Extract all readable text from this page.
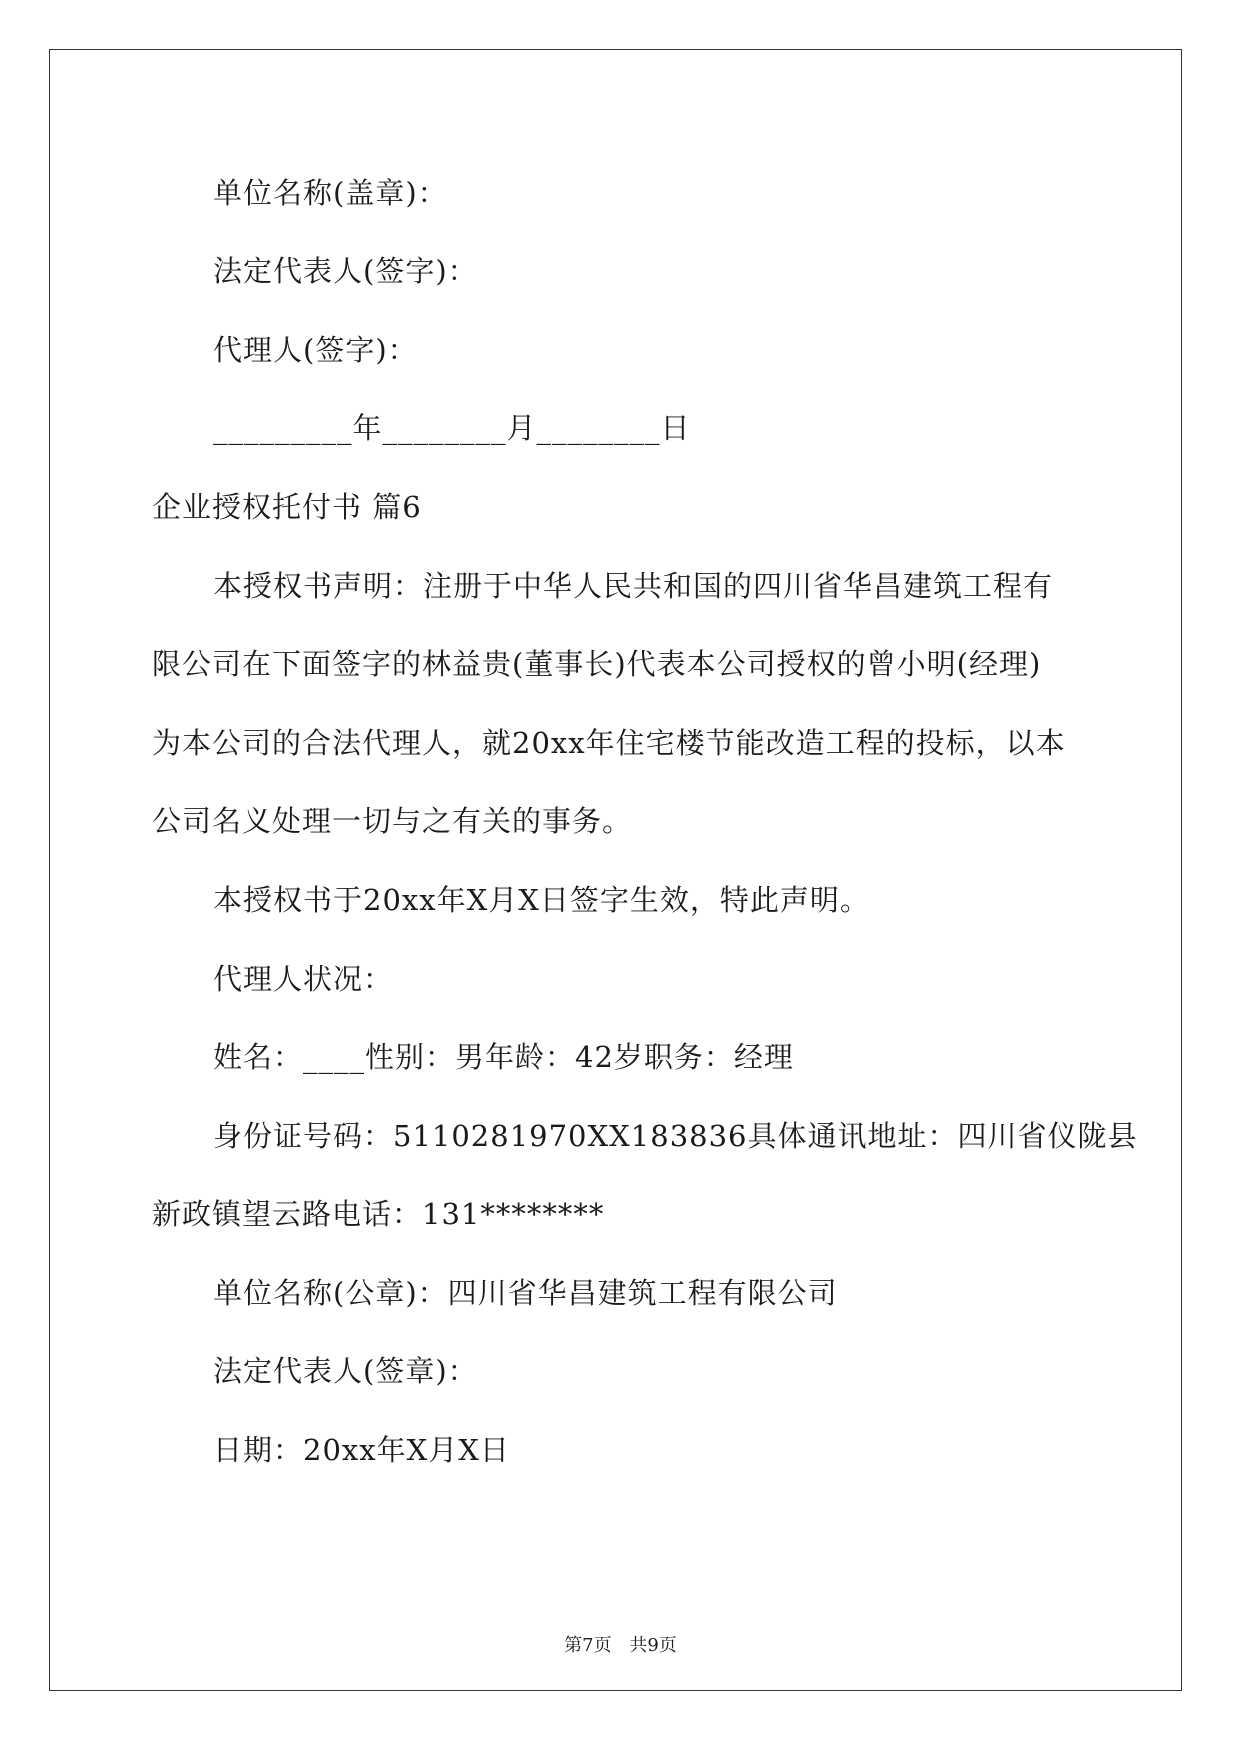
单位名称(盖章)：
法定代表人(签字)：
代理人(签字)：
_________年________月________日
企业授权托付书 篇6
本授权书声明：注册于中华人民共和国的四川省华昌建筑工程有
限公司在下面签字的林益贵(董事长)代表本公司授权的曾小明(经理)
为本公司的合法代理人，就20xx年住宅楼节能改造工程的投标，以本
公司名义处理一切与之有关的事务。
本授权书于20xx年X月X日签字生效，特此声明。
代理人状况：
姓名：____性别：男年龄：42岁职务：经理
身份证号码：5110281970XX183836具体通讯地址：四川省仪陇县
新政镇望云路电话：131********
单位名称(公章)：四川省华昌建筑工程有限公司
法定代表人(签章)：
日期：20xx年X月X日
第7页 共9页
